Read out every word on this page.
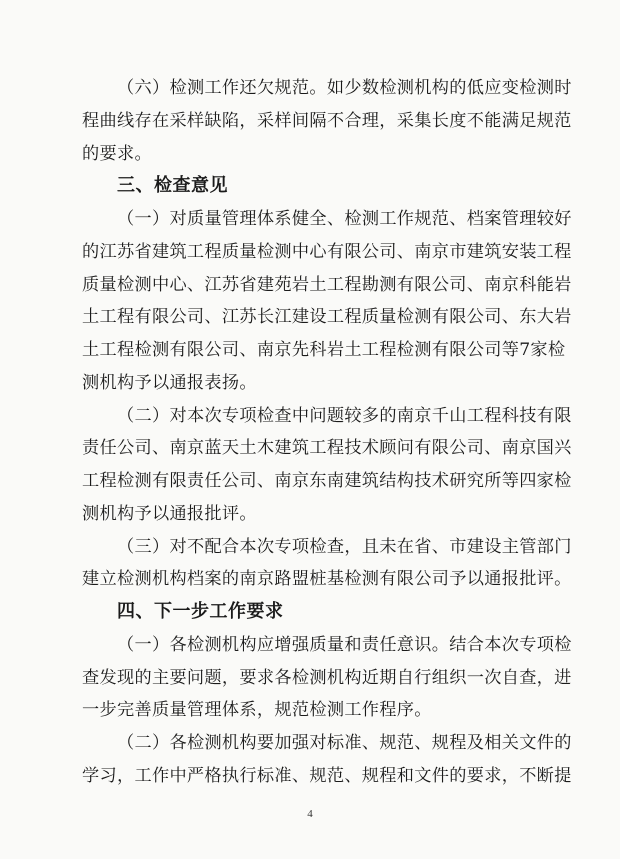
（六）检测工作还欠规范。如少数检测机构的低应变检测时
程曲线存在采样缺陷，采样间隔不合理，采集长度不能满足规范
的要求。
三、检查意见
（一）对质量管理体系健全、检测工作规范、档案管理较好
的江苏省建筑工程质量检测中心有限公司、南京市建筑安装工程
质量检测中心、江苏省建苑岩土工程勘测有限公司、南京科能岩
土工程有限公司、江苏长江建设工程质量检测有限公司、东大岩
土工程检测有限公司、南京先科岩土工程检测有限公司等7家检
测机构予以通报表扬。
（二）对本次专项检查中问题较多的南京千山工程科技有限
责任公司、南京蓝天土木建筑工程技术顾问有限公司、南京国兴
工程检测有限责任公司、南京东南建筑结构技术研究所等四家检
测机构予以通报批评。
（三）对不配合本次专项检查，且未在省、市建设主管部门
建立检测机构档案的南京路盟桩基检测有限公司予以通报批评。
四、下一步工作要求
（一）各检测机构应增强质量和责任意识。结合本次专项检
查发现的主要问题，要求各检测机构近期自行组织一次自查，进
一步完善质量管理体系，规范检测工作程序。
（二）各检测机构要加强对标准、规范、规程及相关文件的
学习，工作中严格执行标准、规范、规程和文件的要求，不断提
4
